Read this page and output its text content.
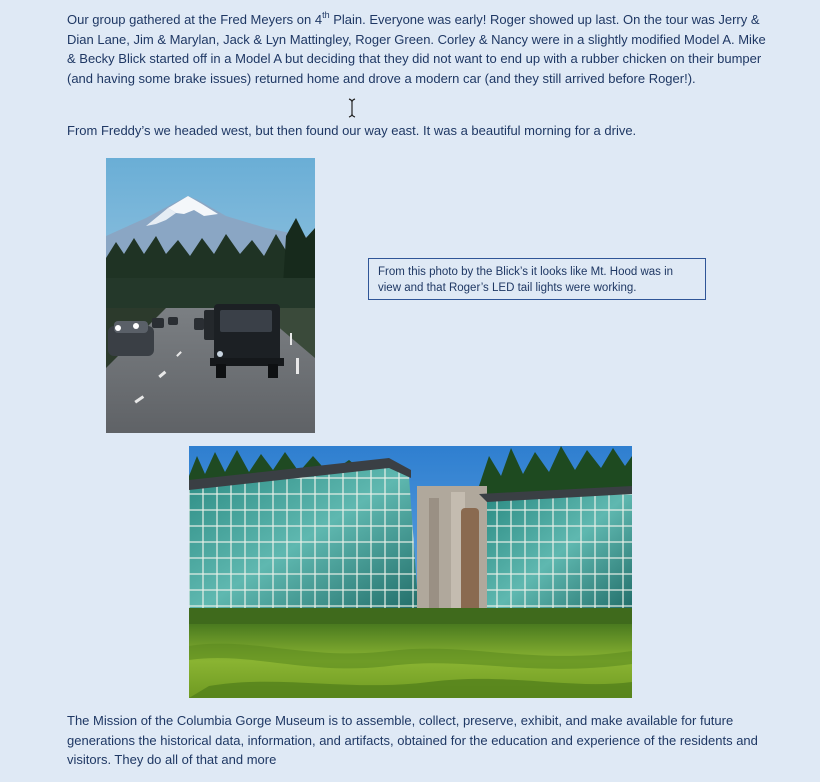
Our group gathered at the Fred Meyers on 4th Plain. Everyone was early! Roger showed up last. On the tour was Jerry & Dian Lane, Jim & Marylan, Jack & Lyn Mattingley, Roger Green. Corley & Nancy were in a slightly modified Model A. Mike & Becky Blick started off in a Model A but deciding that they did not want to end up with a rubber chicken on their bumper (and having some brake issues) returned home and drove a modern car (and they still arrived before Roger!).

From Freddy’s we headed west, but then found our way east. It was a beautiful morning for a drive.

From this photo by the Blick’s it looks like Mt. Hood was in view and that Roger’s LED tail lights were working.

The Mission of the Columbia Gorge Museum is to assemble, collect, preserve, exhibit, and make available for future generations the historical data, information, and artifacts, obtained for the education and experience of the residents and visitors. They do all of that and more
